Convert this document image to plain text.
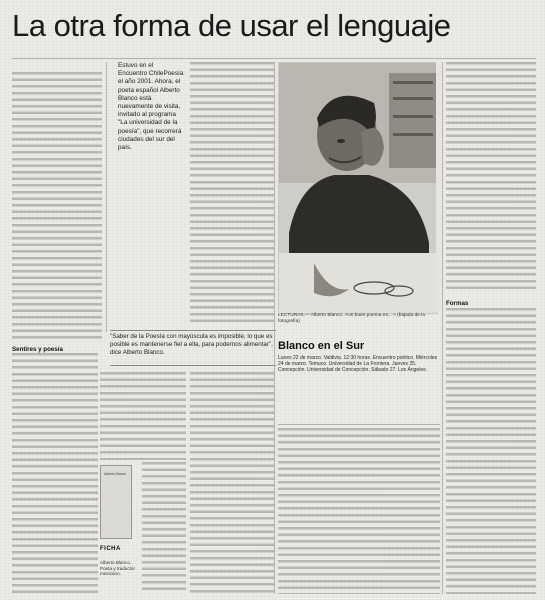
La otra forma de usar el lenguaje
Sentires y poesía
Estuvo en el Encuentro ChilePoesía el año 2001. Ahora, el poeta español Alberto Blanco está nuevamente de visita, invitado al programa "La universidad de la poesía", que recorrerá ciudades del sur del país.
"Saber de la Poesía con mayúscula es imposible, lo que es posible es mantenerse fiel a ella, para podernos alimentar", dice Alberto Blanco.
LECTURAS.— Alberto Blanco. «Un buen poema es... » (bajada de la fotografía)
Blanco en el Sur
Lunes 22 de marzo. Valdivia. 12:30 horas. Encuentro poético. Miércoles 24 de marzo. Temuco. Universidad de La Frontera. Jueves 25. Concepción. Universidad de Concepción. Sábado 27. Los Ángeles.
Formas
Alberto Blanco
FICHA
Alberto Blanco. Poeta y traductor mexicano.
